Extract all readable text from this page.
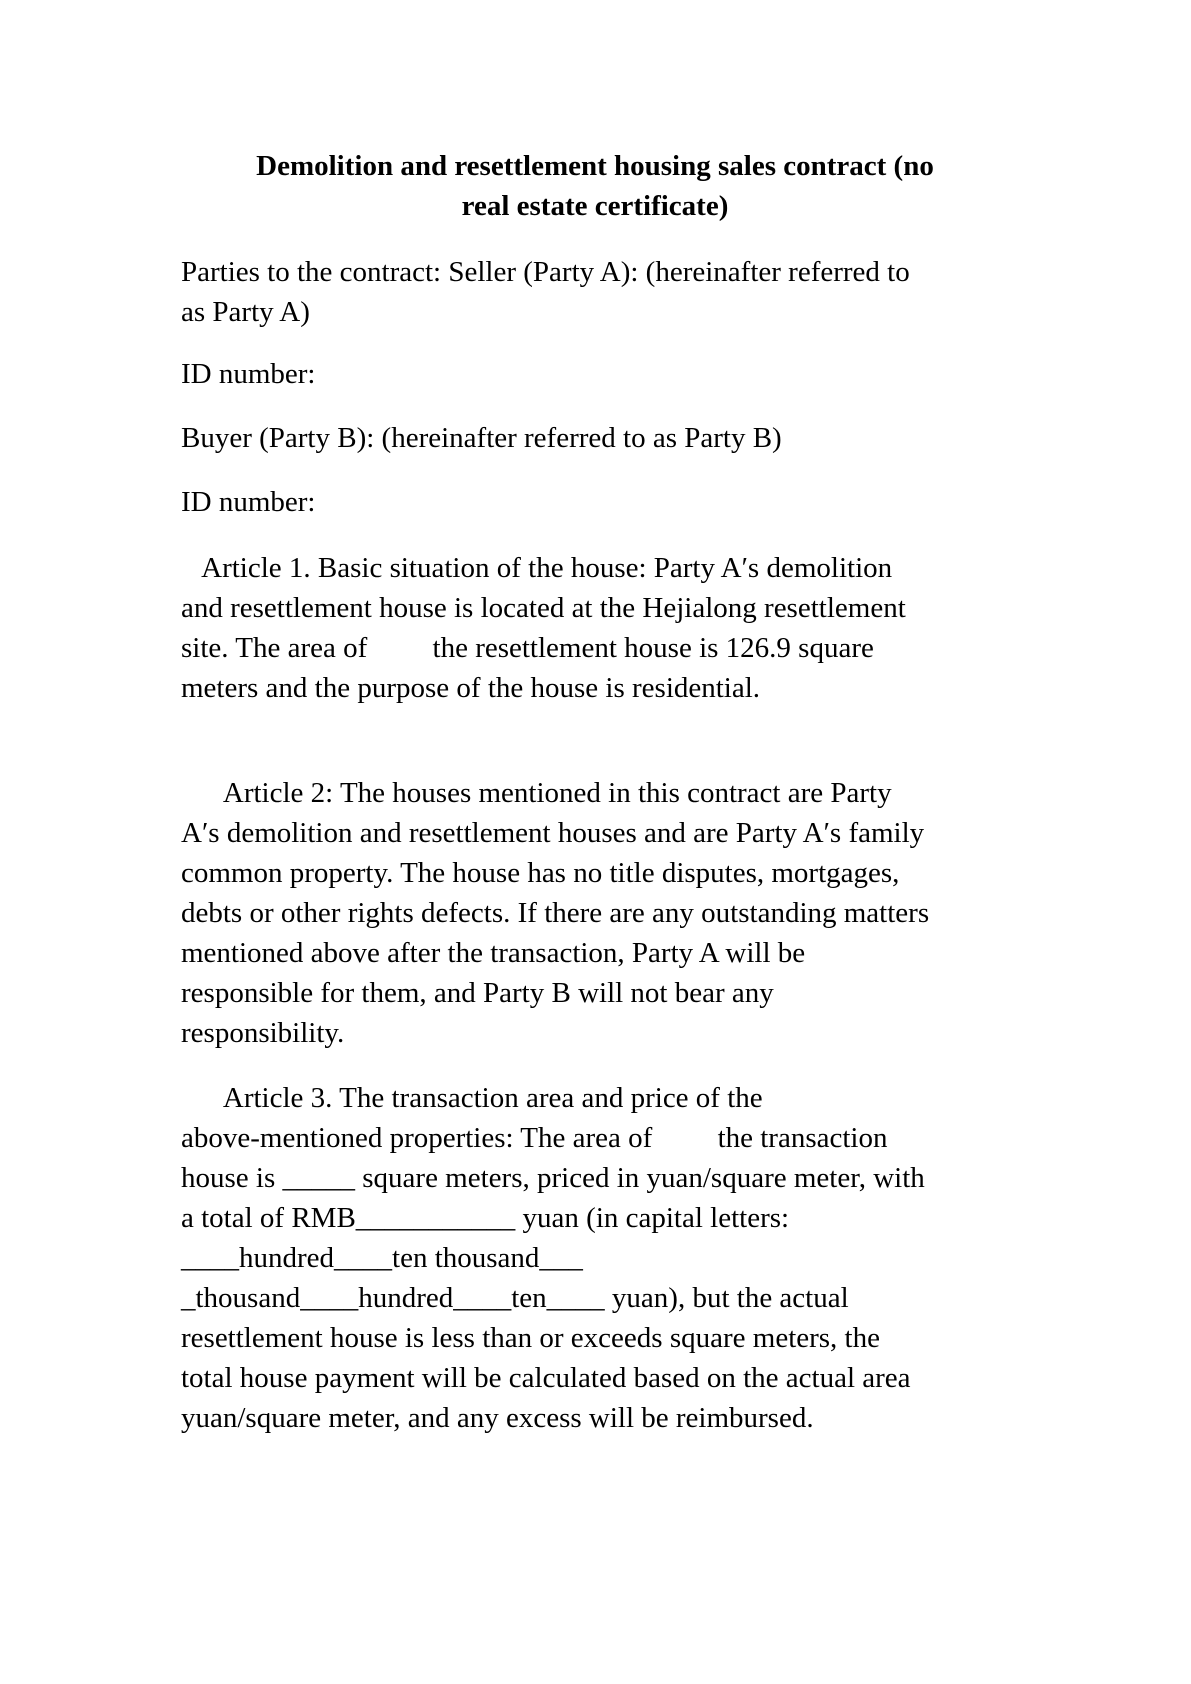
Demolition and resettlement housing sales contract (no
real estate certificate)

Parties to the contract: Seller (Party A): (hereinafter referred to
as Party A)

ID number:

Buyer (Party B): (hereinafter referred to as Party B)

ID number:

Article 1. Basic situation of the house: Party A′s demolition
and resettlement house is located at the Hejialong resettlement
site. The area of         the resettlement house is 126.9 square
meters and the purpose of the house is residential.

Article 2: The houses mentioned in this contract are Party
A′s demolition and resettlement houses and are Party A′s family
common property. The house has no title disputes, mortgages,
debts or other rights defects. If there are any outstanding matters
mentioned above after the transaction, Party A will be
responsible for them, and Party B will not bear any
responsibility.

Article 3. The transaction area and price of the
above-mentioned properties: The area of         the transaction
house is _____ square meters, priced in yuan/square meter, with
a total of RMB___________ yuan (in capital letters:
____hundred____ten thousand___
_thousand____hundred____ten____ yuan), but the actual
resettlement house is less than or exceeds square meters, the
total house payment will be calculated based on the actual area
yuan/square meter, and any excess will be reimbursed.
